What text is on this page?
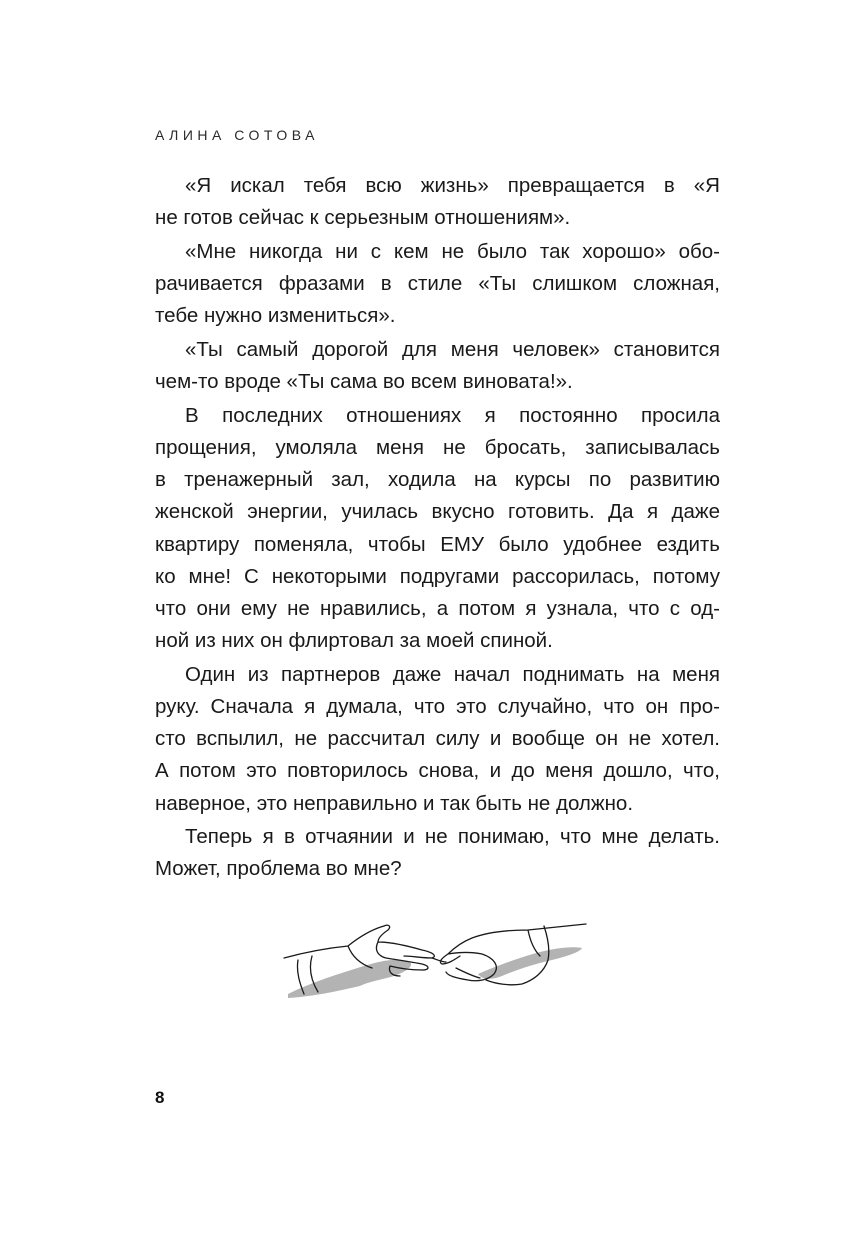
АЛИНА СОТОВА
«Я искал тебя всю жизнь» превращается в «Я
не готов сейчас к серьезным отношениям».
«Мне никогда ни с кем не было так хорошо» обо-
рачивается фразами в стиле «Ты слишком сложная,
тебе нужно измениться».
«Ты самый дорогой для меня человек» становится
чем-то вроде «Ты сама во всем виновата!».
В последних отношениях я постоянно просила
прощения, умоляла меня не бросать, записывалась
в тренажерный зал, ходила на курсы по развитию
женской энергии, училась вкусно готовить. Да я даже
квартиру поменяла, чтобы ЕМУ было удобнее ездить
ко мне! С некоторыми подругами рассорилась, потому
что они ему не нравились, а потом я узнала, что с од-
ной из них он флиртовал за моей спиной.
Один из партнеров даже начал поднимать на меня
руку. Сначала я думала, что это случайно, что он про-
сто вспылил, не рассчитал силу и вообще он не хотел.
А потом это повторилось снова, и до меня дошло, что,
наверное, это неправильно и так быть не должно.
Теперь я в отчаянии и не понимаю, что мне делать.
Может, проблема во мне?
8
